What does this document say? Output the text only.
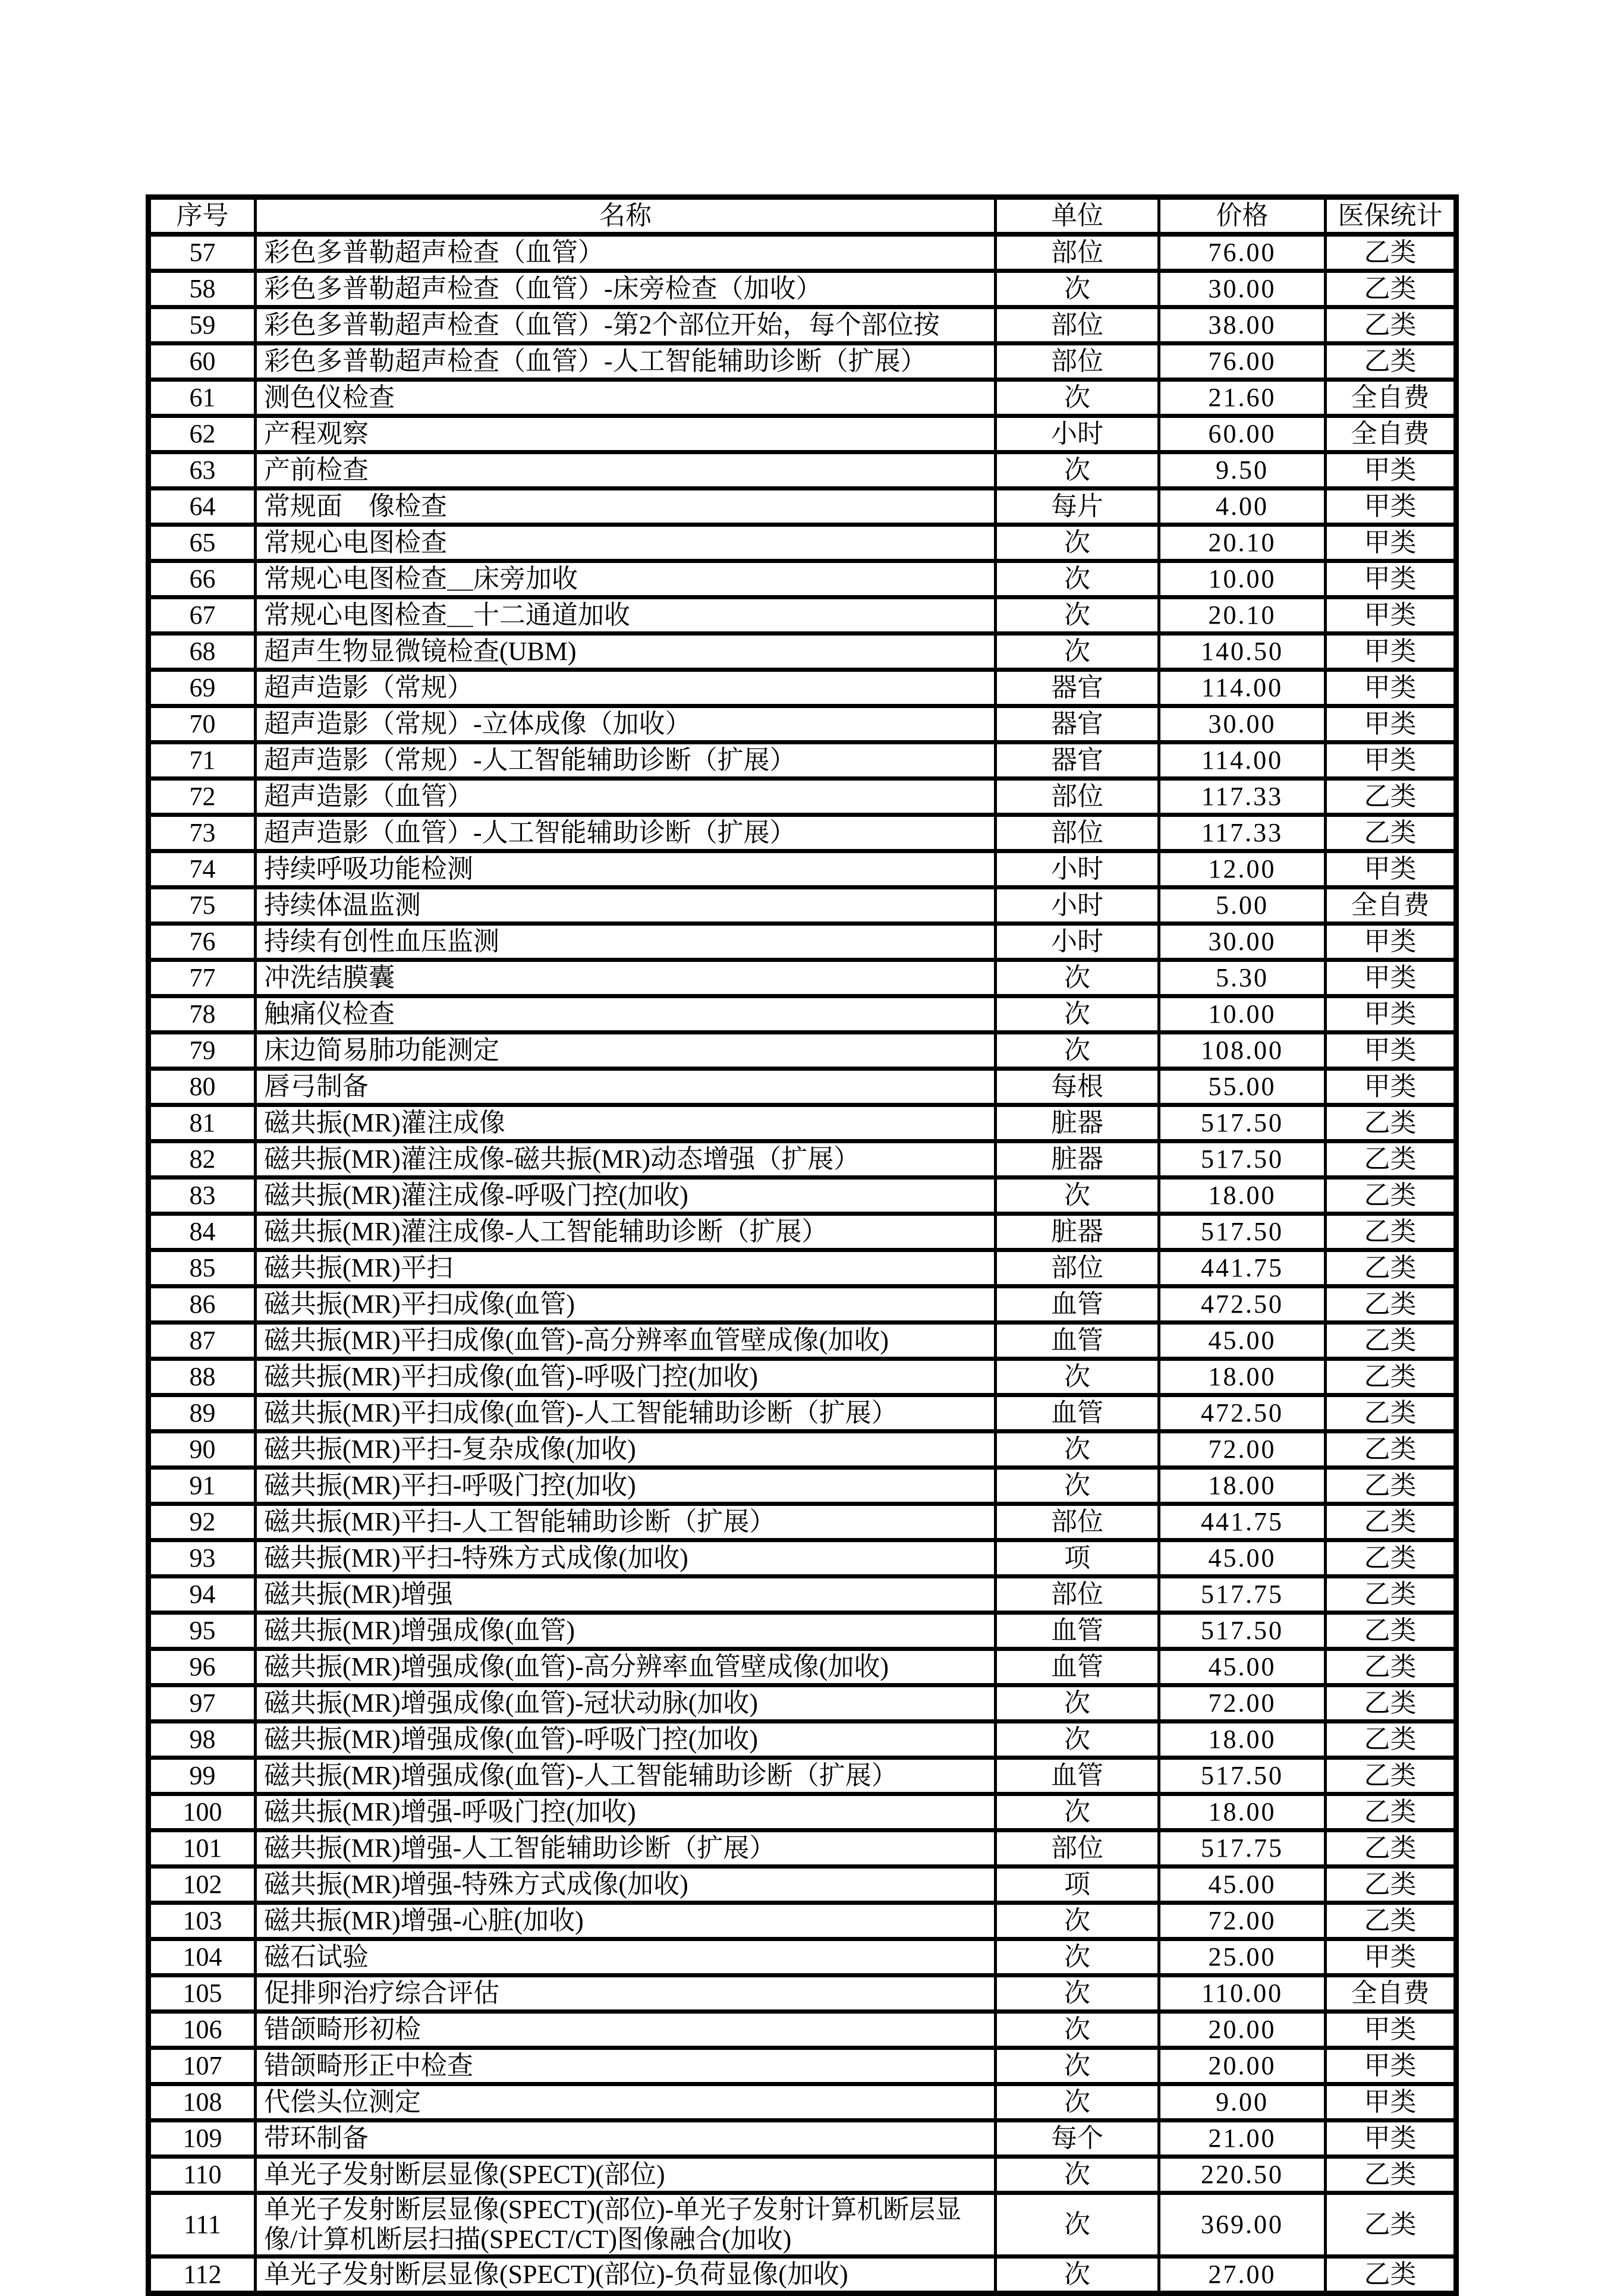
序号	名称	单位	价格	医保统计
57	彩色多普勒超声检查（血管）	部位	76.00	乙类
58	彩色多普勒超声检查（血管）-床旁检查（加收）	次	30.00	乙类
59	彩色多普勒超声检查（血管）-第2个部位开始，每个部位按	部位	38.00	乙类
60	彩色多普勒超声检查（血管）-人工智能辅助诊断（扩展）	部位	76.00	乙类
61	测色仪检查	次	21.60	全自费
62	产程观察	小时	60.00	全自费
63	产前检查	次	9.50	甲类
64	常规面　像检查	每片	4.00	甲类
65	常规心电图检查	次	20.10	甲类
66	常规心电图检查＿床旁加收	次	10.00	甲类
67	常规心电图检查＿十二通道加收	次	20.10	甲类
68	超声生物显微镜检查(UBM)	次	140.50	甲类
69	超声造影（常规）	器官	114.00	甲类
70	超声造影（常规）-立体成像（加收）	器官	30.00	甲类
71	超声造影（常规）-人工智能辅助诊断（扩展）	器官	114.00	甲类
72	超声造影（血管）	部位	117.33	乙类
73	超声造影（血管）-人工智能辅助诊断（扩展）	部位	117.33	乙类
74	持续呼吸功能检测	小时	12.00	甲类
75	持续体温监测	小时	5.00	全自费
76	持续有创性血压监测	小时	30.00	甲类
77	冲洗结膜囊	次	5.30	甲类
78	触痛仪检查	次	10.00	甲类
79	床边简易肺功能测定	次	108.00	甲类
80	唇弓制备	每根	55.00	甲类
81	磁共振(MR)灌注成像	脏器	517.50	乙类
82	磁共振(MR)灌注成像-磁共振(MR)动态增强（扩展）	脏器	517.50	乙类
83	磁共振(MR)灌注成像-呼吸门控(加收)	次	18.00	乙类
84	磁共振(MR)灌注成像-人工智能辅助诊断（扩展）	脏器	517.50	乙类
85	磁共振(MR)平扫	部位	441.75	乙类
86	磁共振(MR)平扫成像(血管)	血管	472.50	乙类
87	磁共振(MR)平扫成像(血管)-高分辨率血管壁成像(加收)	血管	45.00	乙类
88	磁共振(MR)平扫成像(血管)-呼吸门控(加收)	次	18.00	乙类
89	磁共振(MR)平扫成像(血管)-人工智能辅助诊断（扩展）	血管	472.50	乙类
90	磁共振(MR)平扫-复杂成像(加收)	次	72.00	乙类
91	磁共振(MR)平扫-呼吸门控(加收)	次	18.00	乙类
92	磁共振(MR)平扫-人工智能辅助诊断（扩展）	部位	441.75	乙类
93	磁共振(MR)平扫-特殊方式成像(加收)	项	45.00	乙类
94	磁共振(MR)增强	部位	517.75	乙类
95	磁共振(MR)增强成像(血管)	血管	517.50	乙类
96	磁共振(MR)增强成像(血管)-高分辨率血管壁成像(加收)	血管	45.00	乙类
97	磁共振(MR)增强成像(血管)-冠状动脉(加收)	次	72.00	乙类
98	磁共振(MR)增强成像(血管)-呼吸门控(加收)	次	18.00	乙类
99	磁共振(MR)增强成像(血管)-人工智能辅助诊断（扩展）	血管	517.50	乙类
100	磁共振(MR)增强-呼吸门控(加收)	次	18.00	乙类
101	磁共振(MR)增强-人工智能辅助诊断（扩展）	部位	517.75	乙类
102	磁共振(MR)增强-特殊方式成像(加收)	项	45.00	乙类
103	磁共振(MR)增强-心脏(加收)	次	72.00	乙类
104	磁石试验	次	25.00	甲类
105	促排卵治疗综合评估	次	110.00	全自费
106	错颌畸形初检	次	20.00	甲类
107	错颌畸形正中检查	次	20.00	甲类
108	代偿头位测定	次	9.00	甲类
109	带环制备	每个	21.00	甲类
110	单光子发射断层显像(SPECT)(部位)	次	220.50	乙类
111	单光子发射断层显像(SPECT)(部位)-单光子发射计算机断层显像/计算机断层扫描(SPECT/CT)图像融合(加收)	次	369.00	乙类
112	单光子发射断层显像(SPECT)(部位)-负荷显像(加收)	次	27.00	乙类
